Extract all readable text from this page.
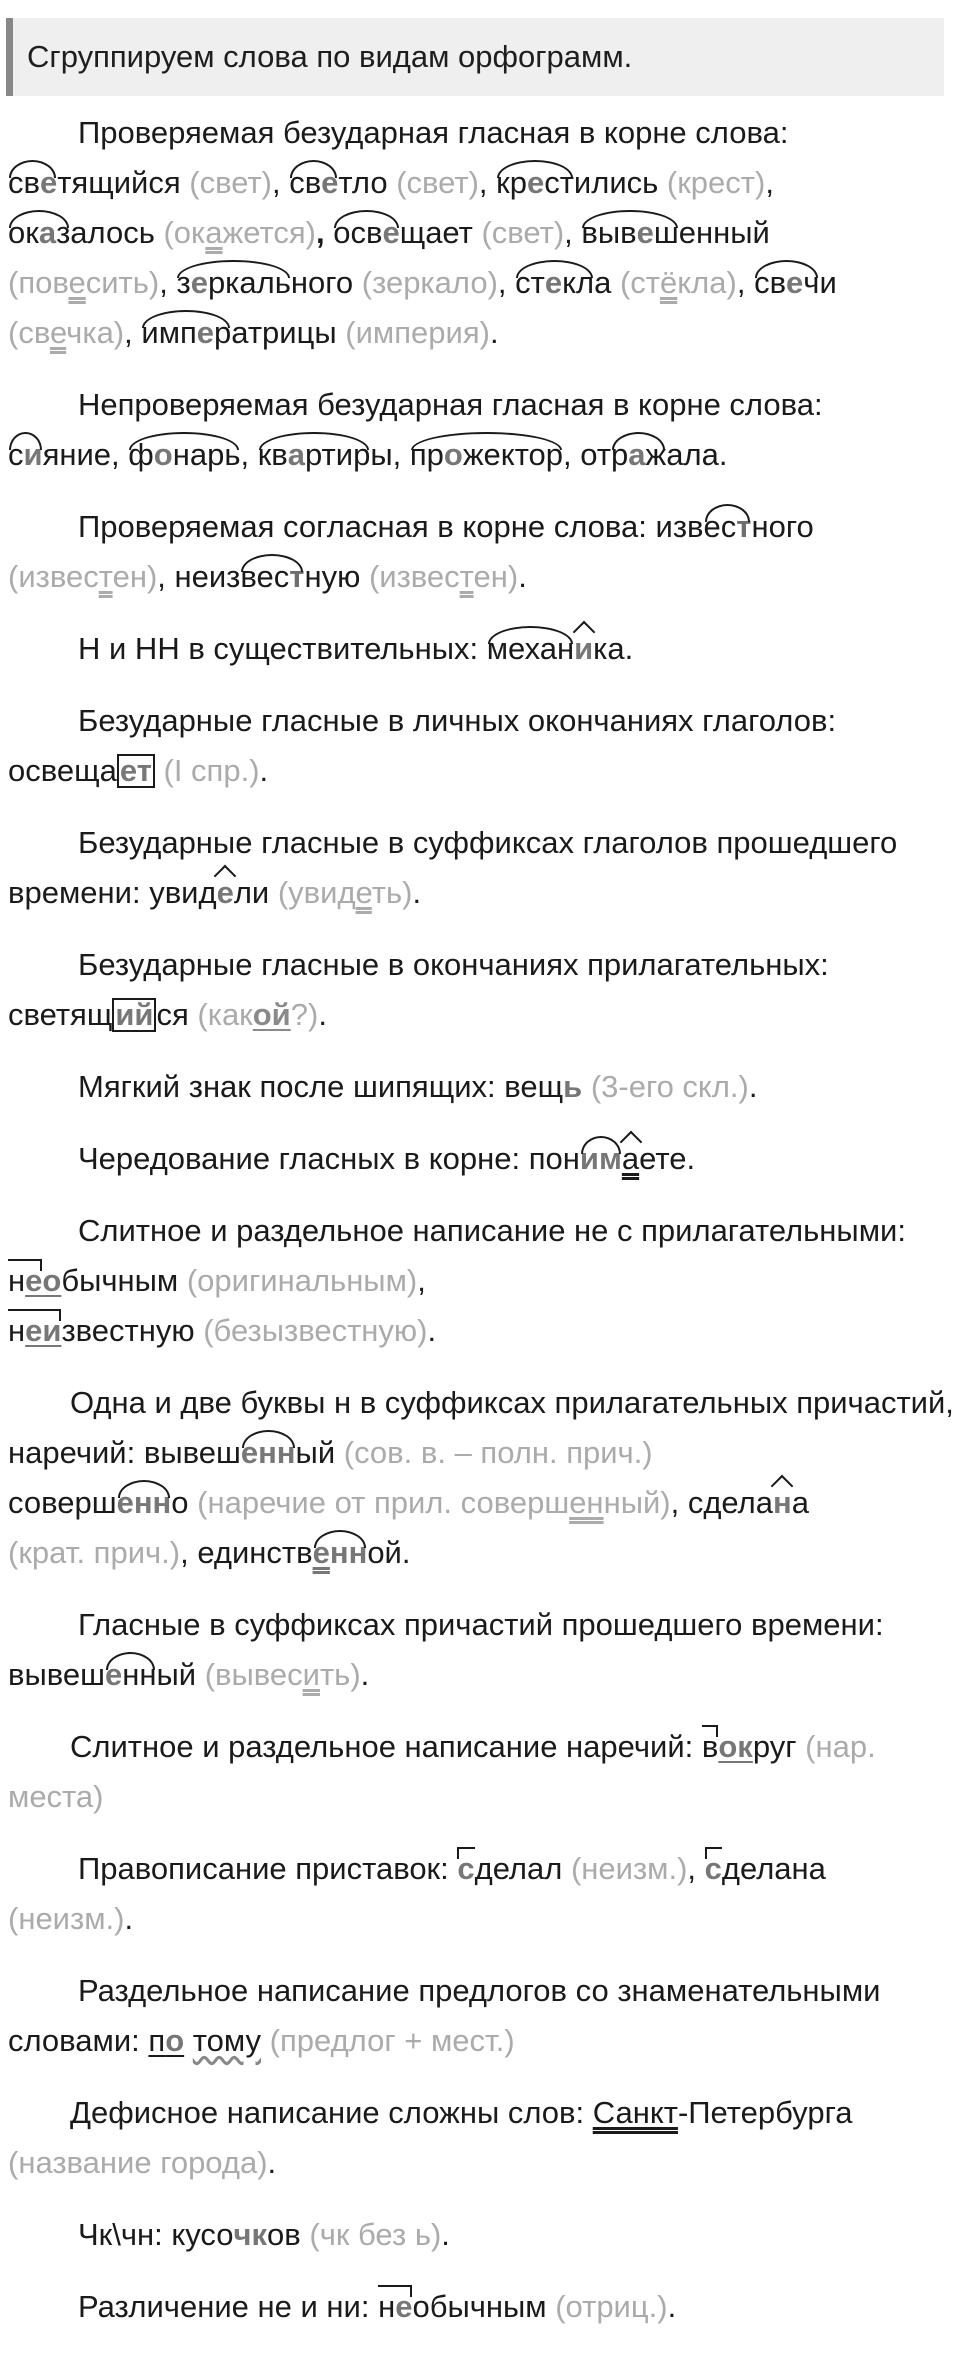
Сгруппируем слова по видам орфограмм.
Проверяемая безударная гласная в корне слова:
светящийся (свет), светло (свет), крестились (крест),
оказалось (окажется), освещает (свет), вывешенный
(повесить), зеркального (зеркало), стекла (стёкла), свечи
(свечка), императрицы (империя).
Непроверяемая безударная гласная в корне слова:
сияние, фонарь, квартиры, прожектор, отражала.
Проверяемая согласная в корне слова: известного
(известен), неизвестную (известен).
Н и НН в существительных: механика.
Безударные гласные в личных окончаниях глаголов:
освещает (I спр.).
Безударные гласные в суффиксах глаголов прошедшего времени: увидели (увидеть).
Безударные гласные в окончаниях прилагательных:
светящийся (какой?).
Мягкий знак после шипящих: вещь (3-его скл.).
Чередование гласных в корне: понимаете.
Слитное и раздельное написание не с прилагательными:
необычным (оригинальным),
неизвестную (безызвестную).
Одна и две буквы н в суффиксах прилагательных причастий, наречий: вывешенный (сов. в. – полн. прич.)
совершенно (наречие от прил. совершенный), сделана
(крат. прич.), единственной.
Гласные в суффиксах причастий прошедшего времени:
вывешенный (вывесить).
Слитное и раздельное написание наречий: вокруг (нар. места)
Правописание приставок: сделал (неизм.), сделана
(неизм.).
Раздельное написание предлогов со знаменательными словами: по тому (предлог + мест.)
Дефисное написание сложны слов: Санкт-Петербурга
(название города).
Чк\чн: кусочков (чк без ь).
Различение не и ни: необычным (отриц.).
